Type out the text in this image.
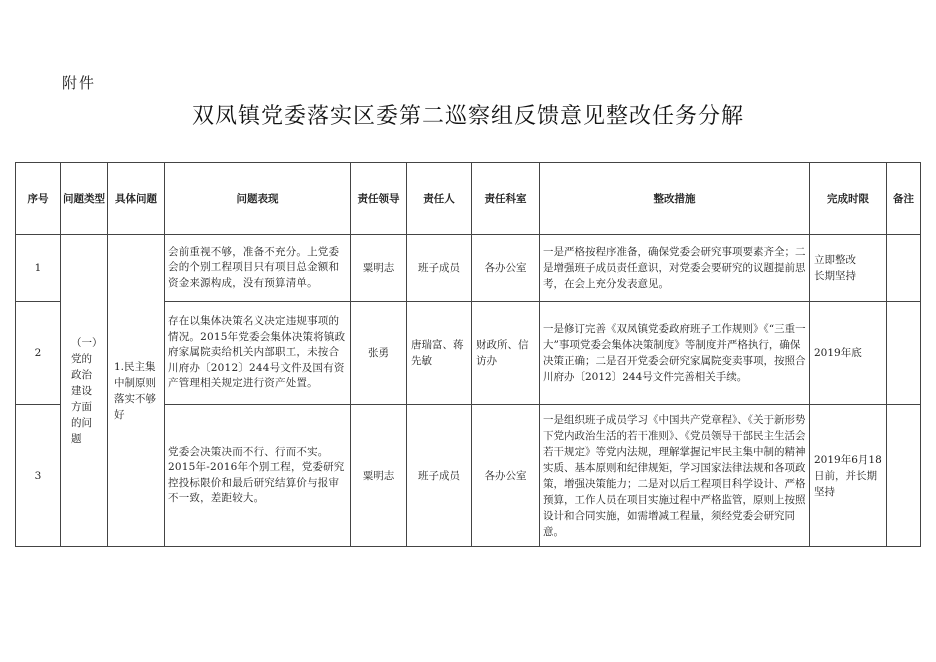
附件
双凤镇党委落实区委第二巡察组反馈意见整改任务分解
序号	问题类型	具体问题	问题表现	责任领导	责任人	责任科室	整改措施	完成时限	备注
1	（一）党的政治建设方面的问题	1.民主集中制原则落实不够好	会前重视不够，准备不充分。上党委会的个别工程项目只有项目总金额和资金来源构成，没有预算清单。	粟明志	班子成员	各办公室	一是严格按程序准备，确保党委会研究事项要素齐全；二是增强班子成员责任意识，对党委会要研究的议题提前思考，在会上充分发表意见。	立即整改
长期坚持	
2			存在以集体决策名义决定违规事项的情况。2015年党委会集体决策将镇政府家属院卖给机关内部职工，未按合川府办〔2012〕244号文件及国有资产管理相关规定进行资产处置。	张勇	唐瑞富、蒋先敏	财政所、信访办	一是修订完善《双凤镇党委政府班子工作规则》《“三重一大”事项党委会集体决策制度》等制度并严格执行，确保决策正确；二是召开党委会研究家属院变卖事项，按照合川府办〔2012〕244号文件完善相关手续。	2019年底	
3			党委会决策决而不行、行而不实。2015年-2016年个别工程，党委研究控投标限价和最后研究结算价与报审不一致，差距较大。	粟明志	班子成员	各办公室	一是组织班子成员学习《中国共产党章程》、《关于新形势下党内政治生活的若干准则》、《党员领导干部民主生活会若干规定》等党内法规，理解掌握记牢民主集中制的精神实质、基本原则和纪律规矩，学习国家法律法规和各项政策，增强决策能力；二是对以后工程项目科学设计、严格预算，工作人员在项目实施过程中严格监管，原则上按照设计和合同实施，如需增减工程量，须经党委会研究同意。	2019年6月18日前，并长期坚持	
